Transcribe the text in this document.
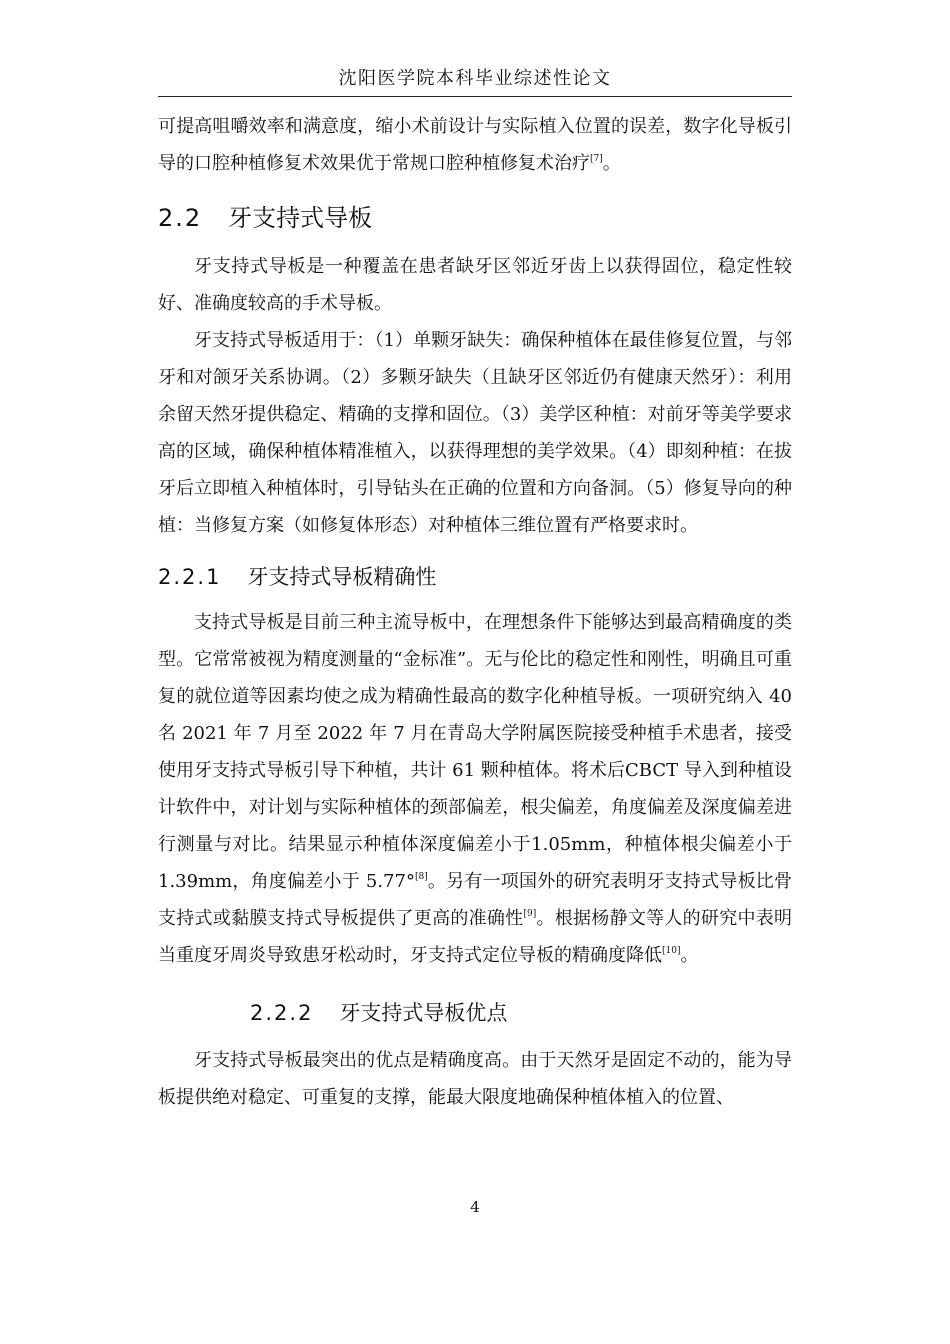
沈阳医学院本科毕业综述性论文

可提高咀嚼效率和满意度，缩小术前设计与实际植入位置的误差，数字化导板引导的口腔种植修复术效果优于常规口腔种植修复术治疗[7]。

2.2 牙支持式导板

牙支持式导板是一种覆盖在患者缺牙区邻近牙齿上以获得固位，稳定性较好、准确度较高的手术导板。

牙支持式导板适用于：（1）单颗牙缺失：确保种植体在最佳修复位置，与邻牙和对颌牙关系协调。（2）多颗牙缺失（且缺牙区邻近仍有健康天然牙）：利用余留天然牙提供稳定、精确的支撑和固位。（3）美学区种植：对前牙等美学要求高的区域，确保种植体精准植入，以获得理想的美学效果。（4）即刻种植：在拔牙后立即植入种植体时，引导钻头在正确的位置和方向备洞。（5）修复导向的种植：当修复方案（如修复体形态）对种植体三维位置有严格要求时。

2.2.1 牙支持式导板精确性

支持式导板是目前三种主流导板中，在理想条件下能够达到最高精确度的类型。它常常被视为精度测量的“金标准”。无与伦比的稳定性和刚性，明确且可重复的就位道等因素均使之成为精确性最高的数字化种植导板。一项研究纳入 40 名 2021 年 7 月至 2022 年 7 月在青岛大学附属医院接受种植手术患者，接受使用牙支持式导板引导下种植，共计 61 颗种植体。将术后CBCT 导入到种植设计软件中，对计划与实际种植体的颈部偏差，根尖偏差，角度偏差及深度偏差进行测量与对比。结果显示种植体深度偏差小于1.05mm，种植体根尖偏差小于 1.39mm，角度偏差小于 5.77°[8]。另有一项国外的研究表明牙支持式导板比骨支持式或黏膜支持式导板提供了更高的准确性[9]。根据杨静文等人的研究中表明当重度牙周炎导致患牙松动时，牙支持式定位导板的精确度降低[10]。

2.2.2 牙支持式导板优点

牙支持式导板最突出的优点是精确度高。由于天然牙是固定不动的，能为导板提供绝对稳定、可重复的支撑，能最大限度地确保种植体植入的位置、

4
